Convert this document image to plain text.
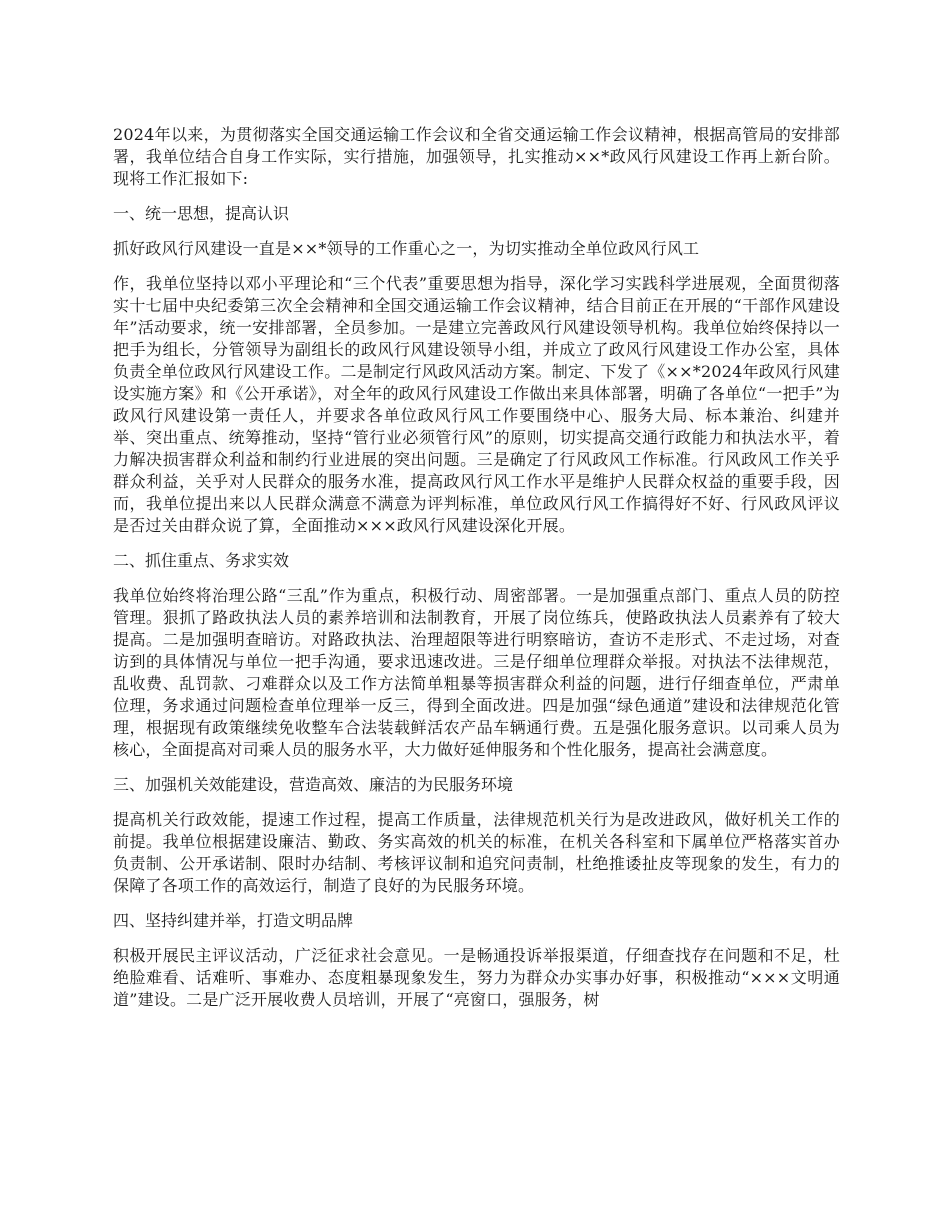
2024年以来，为贯彻落实全国交通运输工作会议和全省交通运输工作会议精神，根据高管局的安排部署，我单位结合自身工作实际，实行措施，加强领导，扎实推动××*政风行风建设工作再上新台阶。现将工作汇报如下:

一、统一思想，提高认识

抓好政风行风建设一直是××*领导的工作重心之一，为切实推动全单位政风行风工

作，我单位坚持以邓小平理论和“三个代表”重要思想为指导，深化学习实践科学进展观，全面贯彻落实十七届中央纪委第三次全会精神和全国交通运输工作会议精神，结合目前正在开展的“干部作风建设年”活动要求，统一安排部署，全员参加。一是建立完善政风行风建设领导机构。我单位始终保持以一把手为组长，分管领导为副组长的政风行风建设领导小组，并成立了政风行风建设工作办公室，具体负责全单位政风行风建设工作。二是制定行风政风活动方案。制定、下发了《××*2024年政风行风建设实施方案》和《公开承诺》，对全年的政风行风建设工作做出来具体部署，明确了各单位“一把手”为政风行风建设第一责任人，并要求各单位政风行风工作要围绕中心、服务大局、标本兼治、纠建并举、突出重点、统筹推动，坚持“管行业必须管行风”的原则，切实提高交通行政能力和执法水平，着力解决损害群众利益和制约行业进展的突出问题。三是确定了行风政风工作标准。行风政风工作关乎群众利益，关乎对人民群众的服务水准，提高政风行风工作水平是维护人民群众权益的重要手段，因而，我单位提出来以人民群众满意不满意为评判标准，单位政风行风工作搞得好不好、行风政风评议是否过关由群众说了算，全面推动×××政风行风建设深化开展。

二、抓住重点、务求实效

我单位始终将治理公路“三乱”作为重点，积极行动、周密部署。一是加强重点部门、重点人员的防控管理。狠抓了路政执法人员的素养培训和法制教育，开展了岗位练兵，使路政执法人员素养有了较大提高。二是加强明查暗访。对路政执法、治理超限等进行明察暗访，查访不走形式、不走过场，对查访到的具体情况与单位一把手沟通，要求迅速改进。三是仔细单位理群众举报。对执法不法律规范，乱收费、乱罚款、刁难群众以及工作方法简单粗暴等损害群众利益的问题，进行仔细查单位，严肃单位理，务求通过问题检查单位理举一反三，得到全面改进。四是加强“绿色通道”建设和法律规范化管理，根据现有政策继续免收整车合法装载鲜活农产品车辆通行费。五是强化服务意识。以司乘人员为核心，全面提高对司乘人员的服务水平，大力做好延伸服务和个性化服务，提高社会满意度。

三、加强机关效能建设，营造高效、廉洁的为民服务环境

提高机关行政效能，提速工作过程，提高工作质量，法律规范机关行为是改进政风，做好机关工作的前提。我单位根据建设廉洁、勤政、务实高效的机关的标准，在机关各科室和下属单位严格落实首办负责制、公开承诺制、限时办结制、考核评议制和追究问责制，杜绝推诿扯皮等现象的发生，有力的保障了各项工作的高效运行，制造了良好的为民服务环境。

四、坚持纠建并举，打造文明品牌

积极开展民主评议活动，广泛征求社会意见。一是畅通投诉举报渠道，仔细查找存在问题和不足，杜绝脸难看、话难听、事难办、态度粗暴现象发生，努力为群众办实事办好事，积极推动“×××文明通道”建设。二是广泛开展收费人员培训，开展了“亮窗口，强服务，树
